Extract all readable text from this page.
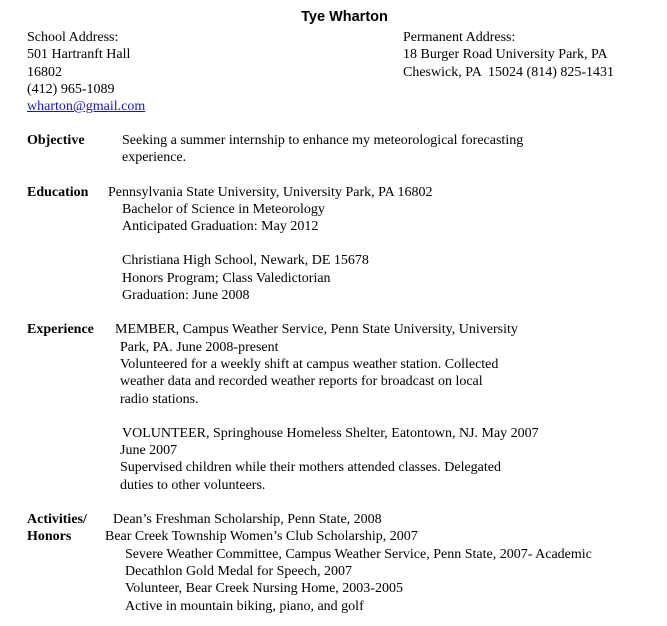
Tye Wharton
School Address:
501 Hartranft Hall
16802
(412) 965-1089
wharton@gmail.com
Permanent Address:
18 Burger Road University Park, PA
Cheswick, PA  15024 (814) 825-1431
Objective	Seeking a summer internship to enhance my meteorological forecasting
experience.
Education Pennsylvania State University, University Park, PA 16802
Bachelor of Science in Meteorology
Anticipated Graduation: May 2012
Christiana High School, Newark, DE 15678
Honors Program; Class Valedictorian
Graduation: June 2008
Experience MEMBER, Campus Weather Service, Penn State University, University
Park, PA. June 2008-present
Volunteered for a weekly shift at campus weather station. Collected
weather data and recorded weather reports for broadcast on local
radio stations.
VOLUNTEER, Springhouse Homeless Shelter, Eatontown, NJ. May 2007
June 2007
Supervised children while their mothers attended classes. Delegated
duties to other volunteers.
Activities/
Honors
Dean’s Freshman Scholarship, Penn State, 2008
Bear Creek Township Women’s Club Scholarship, 2007
Severe Weather Committee, Campus Weather Service, Penn State, 2007- Academic
Decathlon Gold Medal for Speech, 2007
Volunteer, Bear Creek Nursing Home, 2003-2005
Active in mountain biking, piano, and golf
